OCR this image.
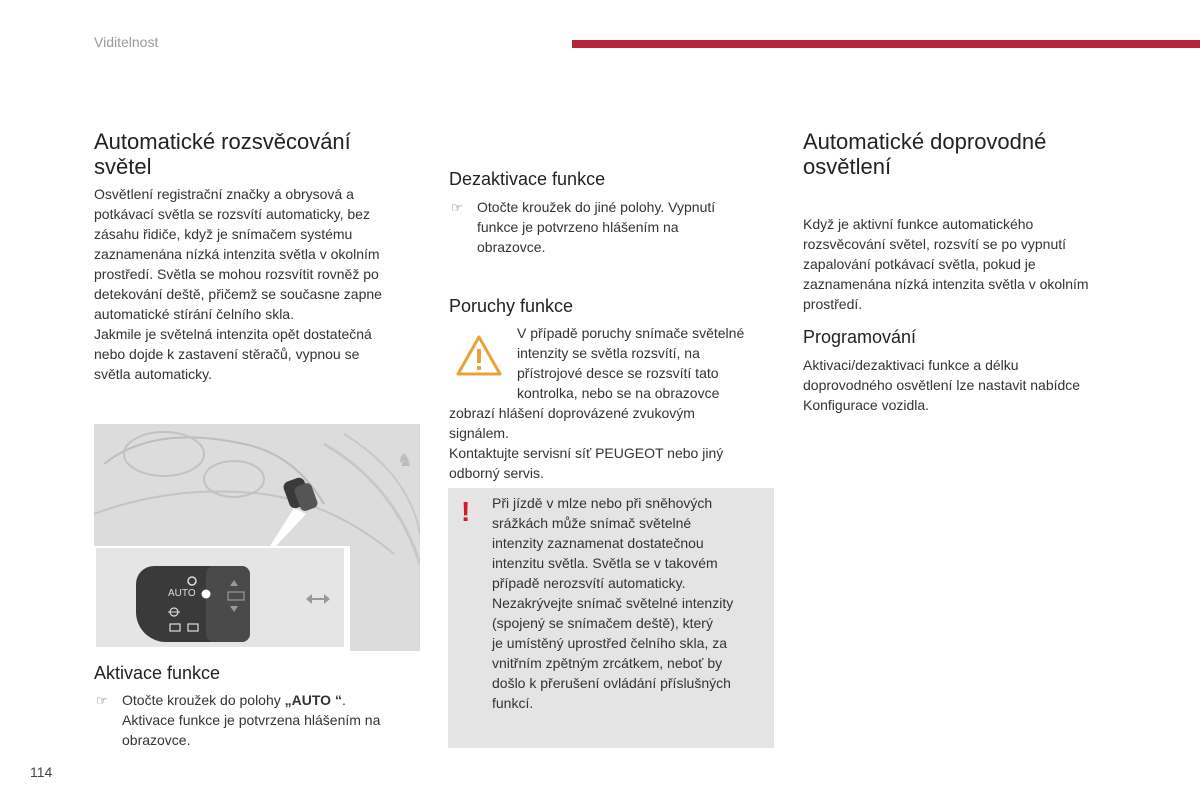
Viditelnost
Automatické rozsvěcování
světel
Osvětlení registrační značky a obrysová a
potkávací světla se rozsvítí automaticky, bez
zásahu řidiče, když je snímačem systému
zaznamenána nízká intenzita světla v okolním
prostředí. Světla se mohou rozsvítit rovněž po
detekování deště, přičemž se současne zapne
automatické stírání čelního skla.
Jakmile je světelná intenzita opět dostatečná
nebo dojde k zastavení stěračů, vypnou se
světla automaticky.
♞
AUTO
Aktivace funkce
☞ Otočte kroužek do polohy „AUTO “.
Aktivace funkce je potvrzena hlášením na
obrazovce.
114
Dezaktivace funkce
☞ Otočte kroužek do jiné polohy. Vypnutí
funkce je potvrzeno hlášením na
obrazovce.
Poruchy funkce
V případě poruchy snímače světelné
intenzity se světla rozsvítí, na
přístrojové desce se rozsvítí tato
kontrolka, nebo se na obrazovce
zobrazí hlášení doprovázené zvukovým
signálem.
Kontaktujte servisní síť PEUGEOT nebo jiný
odborný servis.
! Při jízdě v mlze nebo při sněhových
srážkách může snímač světelné
intenzity zaznamenat dostatečnou
intenzitu světla. Světla se v takovém
případě nerozsvítí automaticky.
Nezakrývejte snímač světelné intenzity
(spojený se snímačem deště), který
je umístěný uprostřed čelního skla, za
vnitřním zpětným zrcátkem, neboť by
došlo k přerušení ovládání příslušných
funkcí.
Automatické doprovodné
osvětlení
Když je aktivní funkce automatického
rozsvěcování světel, rozsvítí se po vypnutí
zapalování potkávací světla, pokud je
zaznamenána nízká intenzita světla v okolním
prostředí.
Programování
Aktivaci/dezaktivaci funkce a délku
doprovodného osvětlení lze nastavit nabídce
Konfigurace vozidla.
